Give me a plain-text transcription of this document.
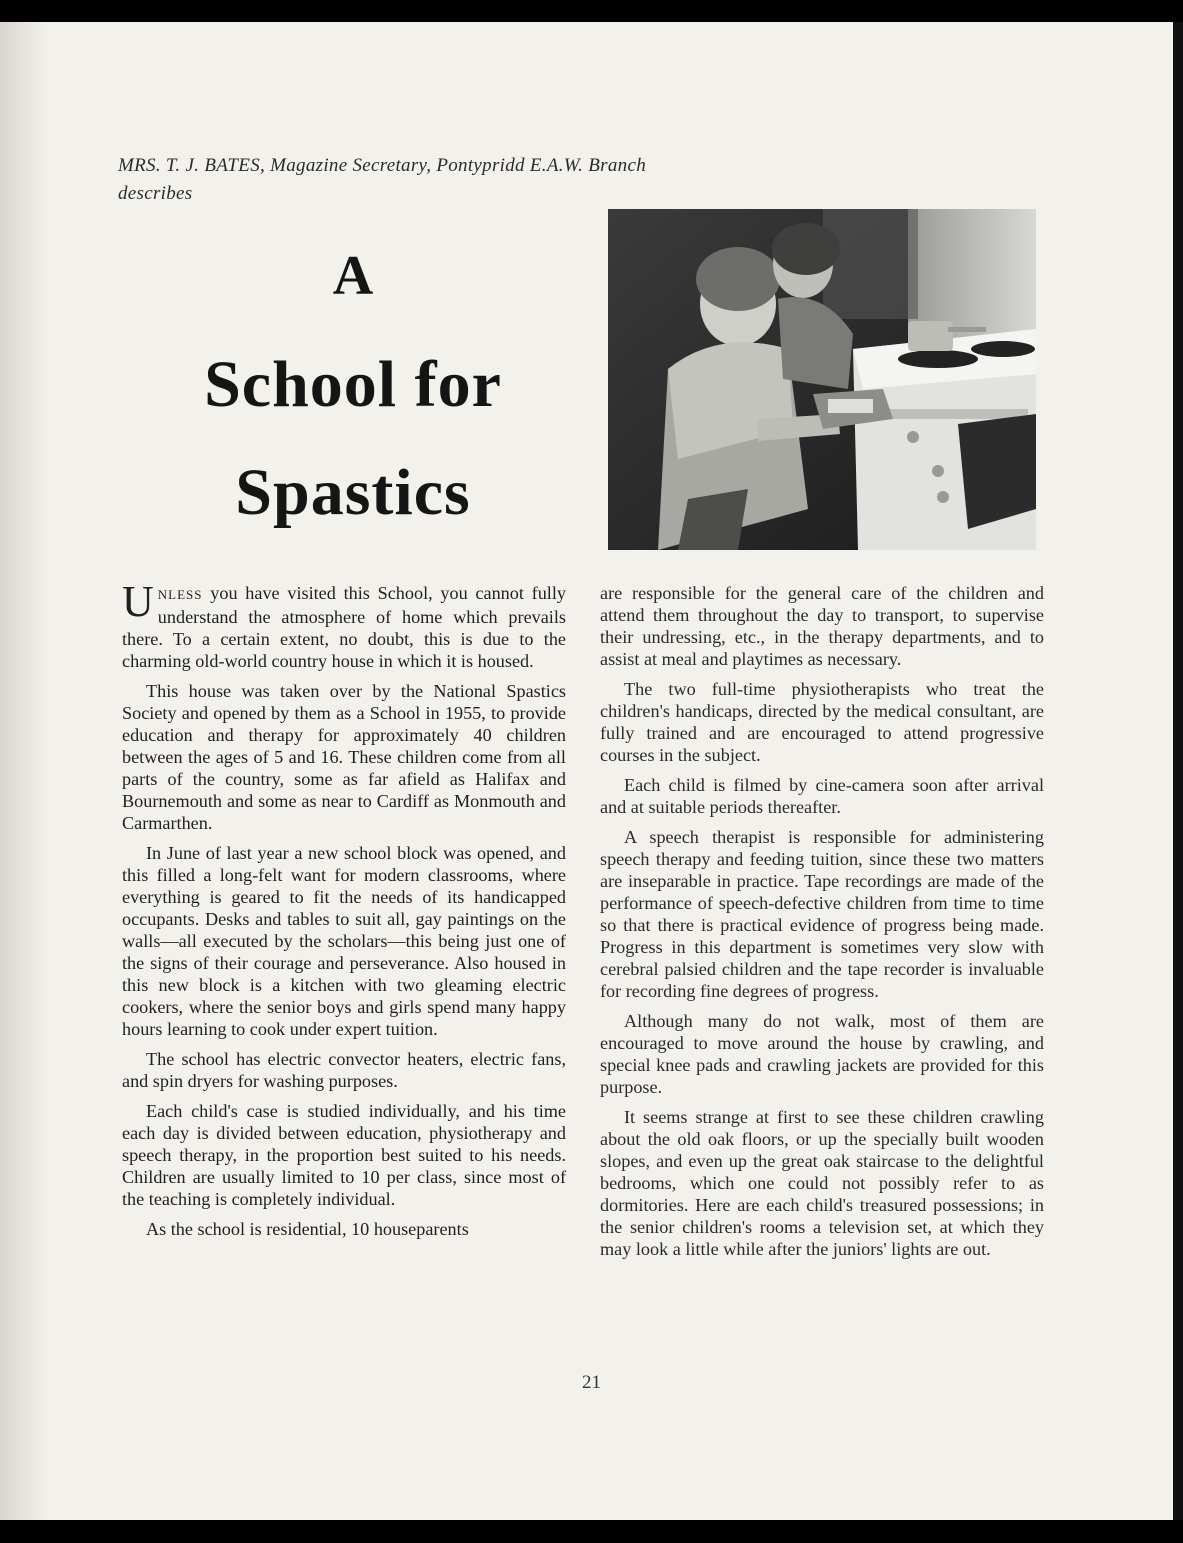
MRS. T. J. BATES, Magazine Secretary, Pontypridd E.A.W. Branch
describes
A
School for
Spastics

UNLESS you have visited this School, you cannot fully understand the atmosphere of home which prevails there. To a certain extent, no doubt, this is due to the charming old-world country house in which it is housed.

This house was taken over by the National Spastics Society and opened by them as a School in 1955, to provide education and therapy for approximately 40 children between the ages of 5 and 16. These children come from all parts of the country, some as far afield as Halifax and Bournemouth and some as near to Cardiff as Monmouth and Carmarthen.

In June of last year a new school block was opened, and this filled a long-felt want for modern classrooms, where everything is geared to fit the needs of its handicapped occupants. Desks and tables to suit all, gay paintings on the walls—all executed by the scholars—this being just one of the signs of their courage and perseverance. Also housed in this new block is a kitchen with two gleaming electric cookers, where the senior boys and girls spend many happy hours learning to cook under expert tuition.

The school has electric convector heaters, electric fans, and spin dryers for washing purposes.

Each child's case is studied individually, and his time each day is divided between education, physiotherapy and speech therapy, in the proportion best suited to his needs. Children are usually limited to 10 per class, since most of the teaching is completely individual.

As the school is residential, 10 houseparents

are responsible for the general care of the children and attend them throughout the day to transport, to supervise their undressing, etc., in the therapy departments, and to assist at meal and playtimes as necessary.

The two full-time physiotherapists who treat the children's handicaps, directed by the medical consultant, are fully trained and are encouraged to attend progressive courses in the subject.

Each child is filmed by cine-camera soon after arrival and at suitable periods thereafter.

A speech therapist is responsible for administering speech therapy and feeding tuition, since these two matters are inseparable in practice. Tape recordings are made of the performance of speech-defective children from time to time so that there is practical evidence of progress being made. Progress in this department is sometimes very slow with cerebral palsied children and the tape recorder is invaluable for recording fine degrees of progress.

Although many do not walk, most of them are encouraged to move around the house by crawling, and special knee pads and crawling jackets are provided for this purpose.

It seems strange at first to see these children crawling about the old oak floors, or up the specially built wooden slopes, and even up the great oak staircase to the delightful bedrooms, which one could not possibly refer to as dormitories. Here are each child's treasured possessions; in the senior children's rooms a television set, at which they may look a little while after the juniors' lights are out.

21
